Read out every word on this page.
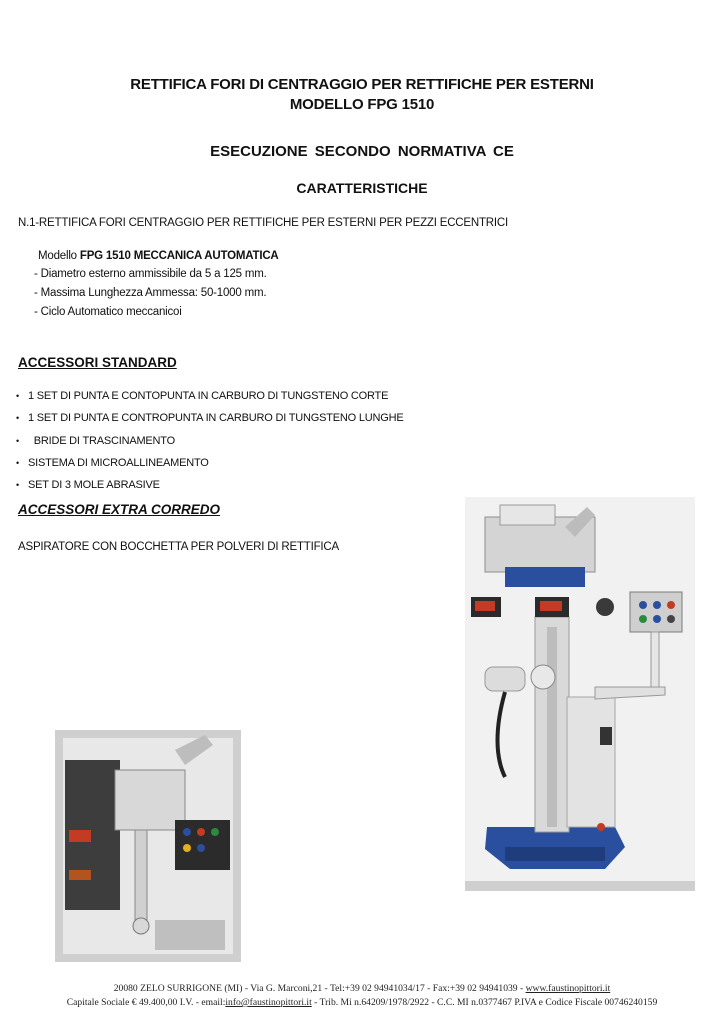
RETTIFICA FORI DI CENTRAGGIO PER RETTIFICHE PER ESTERNI
MODELLO FPG 1510
ESECUZIONE SECONDO NORMATIVA CE
CARATTERISTICHE
N.1-RETTIFICA FORI CENTRAGGIO PER RETTIFICHE PER ESTERNI PER PEZZI ECCENTRICI
Modello FPG 1510 MECCANICA AUTOMATICA
- Diametro esterno ammissibile da 5 a 125 mm.
- Massima Lunghezza Ammessa: 50-1000 mm.
- Ciclo Automatico meccanicoi
ACCESSORI STANDARD
• 1 SET DI PUNTA E CONTOPUNTA IN CARBURO DI TUNGSTENO CORTE
• 1 SET DI PUNTA E CONTROPUNTA IN CARBURO DI TUNGSTENO LUNGHE
•  BRIDE DI TRASCINAMENTO
• SISTEMA DI MICROALLINEAMENTO
• SET DI 3 MOLE ABRASIVE
ACCESSORI EXTRA CORREDO
ASPIRATORE CON BOCCHETTA PER POLVERI DI RETTIFICA
20080 ZELO SURRIGONE (MI) - Via G. Marconi,21 - Tel:+39 02 94941034/17 - Fax:+39 02 94941039 - www.faustinopittori.it
Capitale Sociale € 49.400,00 I.V. - email:info@faustinopittori.it - Trib. Mi n.64209/1978/2922 - C.C. MI n.0377467 P.IVA e Codice Fiscale 00746240159
